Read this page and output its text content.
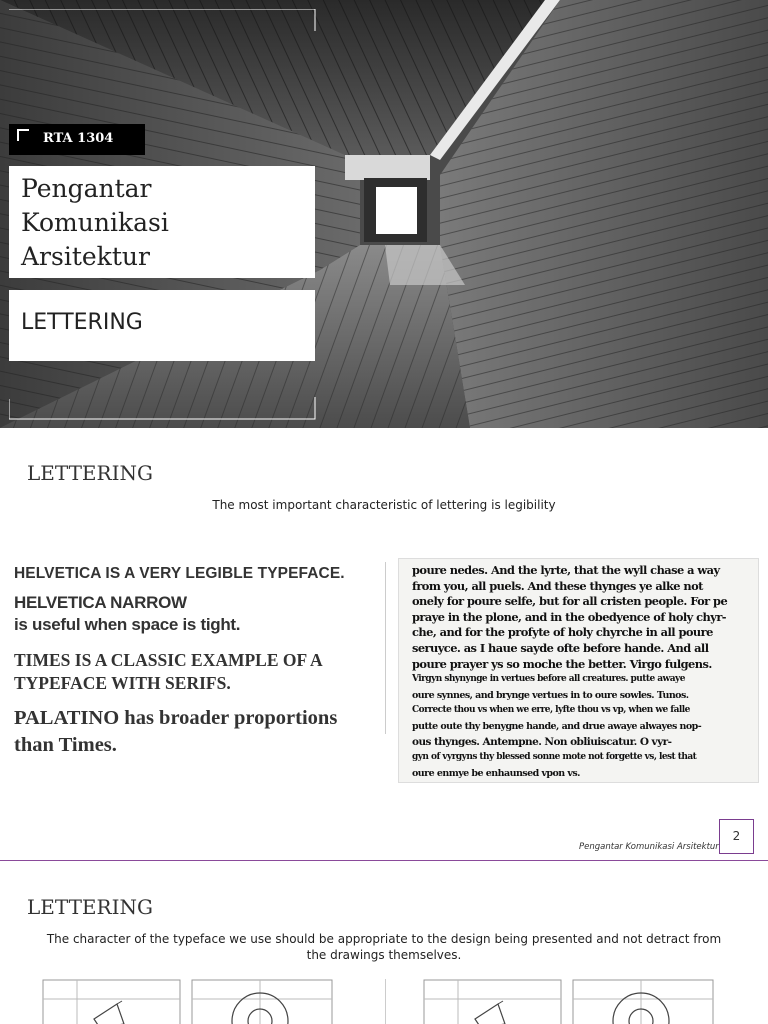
RTA 1304
Pengantar
Komunikasi
Arsitektur
LETTERING
LETTERING
The most important characteristic of lettering is legibility
HELVETICA IS A VERY LEGIBLE TYPEFACE.
HELVETICA NARROW
is useful when space is tight.
TIMES IS A CLASSIC EXAMPLE OF A TYPEFACE WITH SERIFS.
PALATINO has broader proportions than Times.
poure nedes. And the lyrte, that the wyll chase a way
from you, all puels. And these thynges ye alke not
onely for poure selfe, but for all cristen people. For pe
praye in the plone, and in the obedyence of holy chyr-
che, and for the profyte of holy chyrche in all poure
seruyce. as I haue sayde ofte before hande. And all
poure prayer ys so moche the better. Virgo fulgens.
Virgyn shynynge in vertues before all creatures. putte awaye
oure synnes, and brynge vertues in to oure sowles. Tunos.
Correcte thou vs when we erre, lyfte thou vs vp, when we falle
putte oute thy benygne hande, and drue awaye alwayes nop-
ous thynges. Antempne. Non obliuiscatur. O vyr-
gyn of vyrgyns thy blessed sonne mote not forgette vs, lest that
oure enmye be enhaunsed vpon vs.
2
Pengantar Komunikasi Arsitektur
LETTERING
The character of the typeface we use should be appropriate to the design being presented and not detract from the drawings themselves.
